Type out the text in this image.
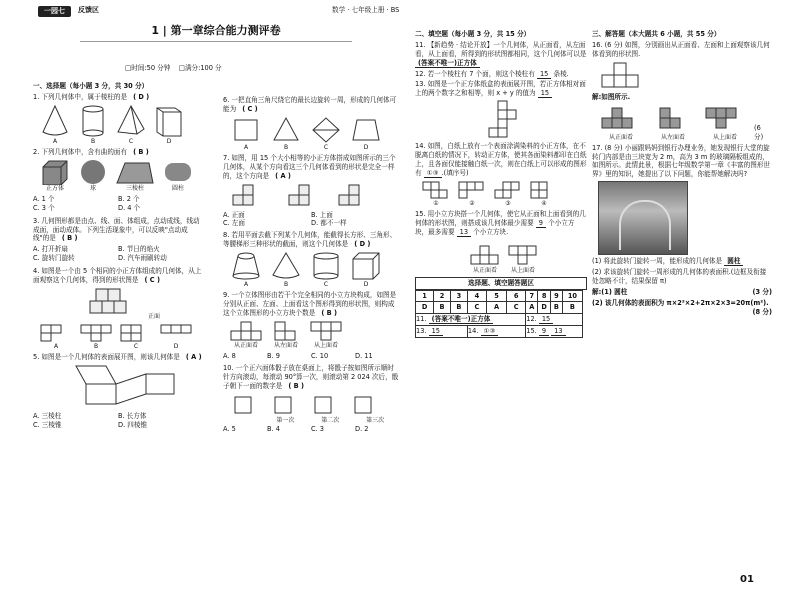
一园七	反馈区	数学 · 七年级上册 · BS
1 | 第一章综合能力测评卷
□时间:50 分钟 □满分:100 分
一、选择题（每小题 3 分，共 30 分）
1. 下列几何体中，属于棱柱的是 ( D )
A	B	C	D
2. 下列几何体中，含有曲的面有 ( B )
正方体	球	三棱柱	圆柱
A. 1 个	B. 2 个
C. 3 个	D. 4 个
3. 几何图形都是由点、线、面、体组成，点动成线，线动成面，面动成体。下列生活现象中，可以反映"点动成线"的是 ( B )
A. 打开折扇	B. 节日的焰火
C. 旋转门旋转	D. 汽车雨刷转动
4. 如图是一个由 5 个相同的小正方体组成的几何体，从上面观察这个几何体，得到的形状图是 ( C )
正面
A	B	C	D
5. 如图是一个几何体的表面展开图，则该几何体是 ( A )
A. 三棱柱	B. 长方体
C. 三棱锥	D. 四棱锥
6. 一把直角三角尺绕它的最长边旋转一周，形成的几何体可能为 ( C )
A	B	C	D
7. 如图，用 15 个大小相等的小正方体搭成如图所示的三个几何体，从某个方向看这三个几何体看到的形状是完全一样的，这个方向是 ( A )
A. 正面	B. 上面
C. 左面	D. 都不一样
8. 若用平面去截下列某个几何体，能截得长方形、三角形、等腰梯形三种形状的截面，则这个几何体是 ( D )
A	B	C	D
9. 一个立体图形由若干个完全相同的小立方块构成，如图是分别从正面、左面、上面看这个图形得到的形状图，则构成这个立体图形的小立方块个数是 ( B )
从正面看	从左面看	从上面看
A. 8	B. 9	C. 10	D. 11
10. 一个正六面体骰子放在桌面上，将骰子按如图所示顺时针方向滚动，每滚动 90°算一次，则滚动第 2 024 次后，骰子朝下一面的数字是 ( B )
第一次	第二次	第三次
A. 5	B. 4	C. 3	D. 2
二、填空题（每小题 3 分，共 15 分）
11. 【新趋势 · 结论开放】一个几何体，从正面看，从左面看，从上面看，所得到的形状图都相同，这个几何体可以是 (答案不唯一)正方体
12. 若一个棱柱有 7 个面，则这个棱柱有 15 条棱.
13. 如图是一个正方体纸盒的表面展开图，若正方体相对面上的两个数字之和相等，则 x + y 的值为 15
14. 如图，白纸上放有一个表面涂满染料的小正方体，在不脱离白纸的情况下，转动正方体，使其各面染料都印在白纸上，且各面仅能接触白纸一次，则在白纸上可以形成的图形有 ①③ .(填序号)
①	②	③	④
15. 用小立方块搭一个几何体，使它从正面和上面看到的几何体的形状图，则搭成该几何体最少需要 9 个小立方块，最多需要 13 个小立方块.
从正面看	从上面看
选择题、填空题答题区
1	2	3	4	5	6	7	8	9	10
D	B	B	C	A	C	A	D	B	B
11. (答案不唯一)正方体						12. 15			
13. 15			14. ①③			15. 9 13			
三、解答题（本大题共 6 小题，共 55 分）
16. (6 分) 如图，分别画出从正面看、左面和上面观察该几何体看到的形状图.
解:如图所示.
从正面看	从左面看	从上面看
(6 分)
17. (8 分) 小丽跟妈妈到银行办理业务，她发现银行大堂的旋转门内部是由三块宽为 2 m，高为 3 m 的玻璃隔板组成的，如图所示。此情此景，根据七年级数学第一章《丰富的图形世界》里的知识，她提出了以下问题，你能帮她解决吗?
(1) 将此旋转门旋转一周，能形成的几何体是 圆柱
(2) 求该旋转门旋转一周形成的几何体的表面积.(边框及衔接处忽略不计，结果保留 π)
解:(1) 圆柱	(3 分)
(2) 该几何体的表面积为 π×2²×2+2π×2×3=20π(m²).
(8 分)
01
